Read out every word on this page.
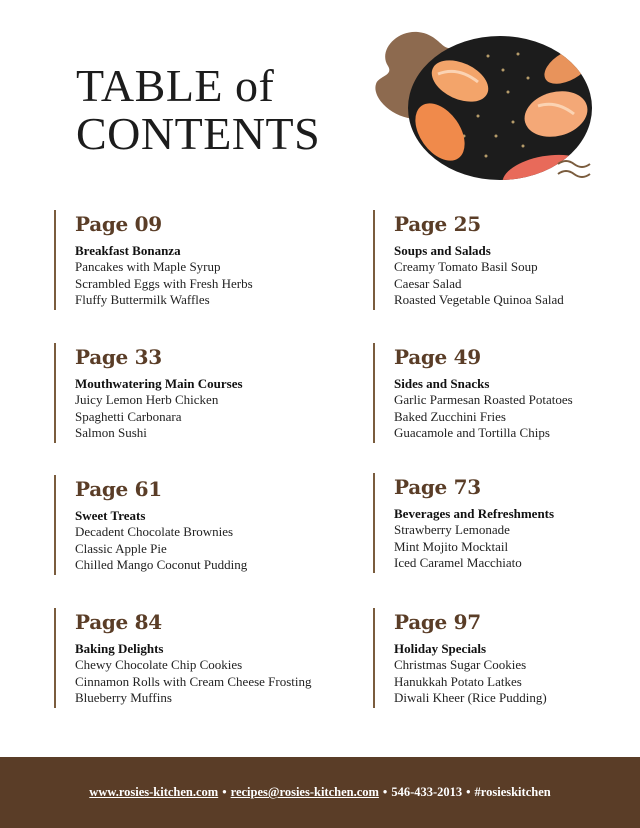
TABLE of
CONTENTS
Page 09
Breakfast Bonanza
Pancakes with Maple Syrup
Scrambled Eggs with Fresh Herbs
Fluffy Buttermilk Waffles
Page 25
Soups and Salads
Creamy Tomato Basil Soup
Caesar Salad
Roasted Vegetable Quinoa Salad
Page 33
Mouthwatering Main Courses
Juicy Lemon Herb Chicken
Spaghetti Carbonara
Salmon Sushi
Page 49
Sides and Snacks
Garlic Parmesan Roasted Potatoes
Baked Zucchini Fries
Guacamole and Tortilla Chips
Page 61
Sweet Treats
Decadent Chocolate Brownies
Classic Apple Pie
Chilled Mango Coconut Pudding
Page 73
Beverages and Refreshments
Strawberry Lemonade
Mint Mojito Mocktail
Iced Caramel Macchiato
Page 84
Baking Delights
Chewy Chocolate Chip Cookies
Cinnamon Rolls with Cream Cheese Frosting
Blueberry Muffins
Page 97
Holiday Specials
Christmas Sugar Cookies
Hanukkah Potato Latkes
Diwali Kheer (Rice Pudding)
www.rosies-kitchen.com • recipes@rosies-kitchen.com • 546-433-2013 • #rosieskitchen
